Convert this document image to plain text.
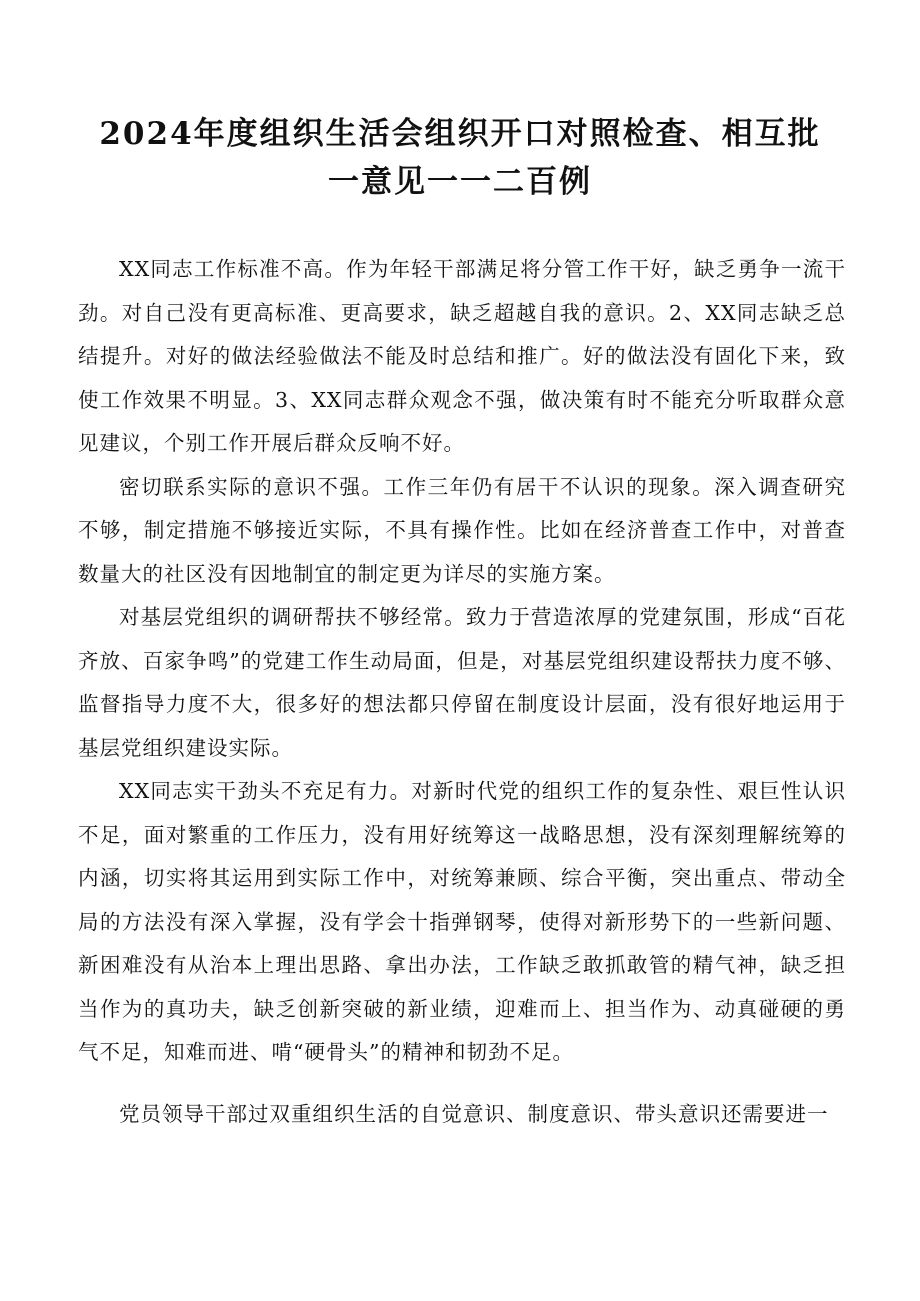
2024年度组织生活会组织开口对照检查、相互批
一意见一一二百例

XX同志工作标准不高。作为年轻干部满足将分管工作干好，缺乏勇争一流干劲。对自己没有更高标准、更高要求，缺乏超越自我的意识。2、XX同志缺乏总结提升。对好的做法经验做法不能及时总结和推广。好的做法没有固化下来，致使工作效果不明显。3、XX同志群众观念不强，做决策有时不能充分听取群众意见建议，个别工作开展后群众反响不好。

密切联系实际的意识不强。工作三年仍有居干不认识的现象。深入调查研究不够，制定措施不够接近实际，不具有操作性。比如在经济普查工作中，对普查数量大的社区没有因地制宜的制定更为详尽的实施方案。

对基层党组织的调研帮扶不够经常。致力于营造浓厚的党建氛围，形成“百花齐放、百家争鸣”的党建工作生动局面，但是，对基层党组织建设帮扶力度不够、监督指导力度不大，很多好的想法都只停留在制度设计层面，没有很好地运用于基层党组织建设实际。

XX同志实干劲头不充足有力。对新时代党的组织工作的复杂性、艰巨性认识不足，面对繁重的工作压力，没有用好统筹这一战略思想，没有深刻理解统筹的内涵，切实将其运用到实际工作中，对统筹兼顾、综合平衡，突出重点、带动全局的方法没有深入掌握，没有学会十指弹钢琴，使得对新形势下的一些新问题、新困难没有从治本上理出思路、拿出办法，工作缺乏敢抓敢管的精气神，缺乏担当作为的真功夫，缺乏创新突破的新业绩，迎难而上、担当作为、动真碰硬的勇气不足，知难而进、啃“硬骨头”的精神和韧劲不足。

党员领导干部过双重组织生活的自觉意识、制度意识、带头意识还需要进一
